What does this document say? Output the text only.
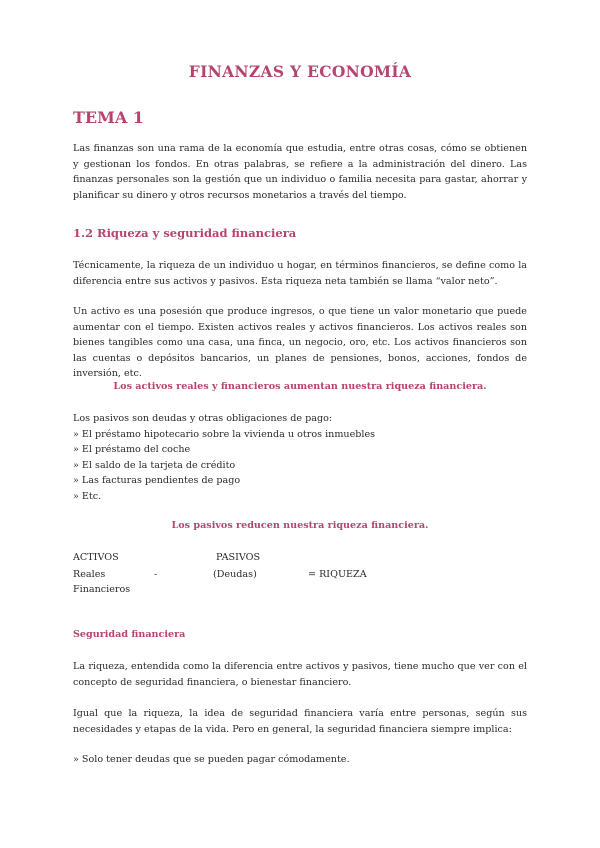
FINANZAS Y ECONOMÍA
TEMA 1

Las finanzas son una rama de la economía que estudia, entre otras cosas, cómo se obtienen y gestionan los fondos. En otras palabras, se refiere a la administración del dinero. Las finanzas personales son la gestión que un individuo o familia necesita para gastar, ahorrar y planificar su dinero y otros recursos monetarios a través del tiempo.

1.2 Riqueza y seguridad financiera

Técnicamente, la riqueza de un individuo u hogar, en términos financieros, se define como la diferencia entre sus activos y pasivos. Esta riqueza neta también se llama “valor neto”.

Un activo es una posesión que produce ingresos, o que tiene un valor monetario que puede aumentar con el tiempo. Existen activos reales y activos financieros. Los activos reales son bienes tangibles como una casa, una finca, un negocio, oro, etc. Los activos financieros son las cuentas o depósitos bancarios, un planes de pensiones, bonos, acciones, fondos de inversión, etc.

Los activos reales y financieros aumentan nuestra riqueza financiera.

Los pasivos son deudas y otras obligaciones de pago:

» El préstamo hipotecario sobre la vivienda u otros inmuebles
» El préstamo del coche
» El saldo de la tarjeta de crédito
» Las facturas pendientes de pago
» Etc.

Los pasivos reducen nuestra riqueza financiera.

ACTIVOS	PASIVOS
Reales	-	(Deudas)	= RIQUEZA
Financieros
Seguridad financiera

La riqueza, entendida como la diferencia entre activos y pasivos, tiene mucho que ver con el concepto de seguridad financiera, o bienestar financiero.

Igual que la riqueza, la idea de seguridad financiera varía entre personas, según sus necesidades y etapas de la vida. Pero en general, la seguridad financiera siempre implica:

» Solo tener deudas que se pueden pagar cómodamente.
